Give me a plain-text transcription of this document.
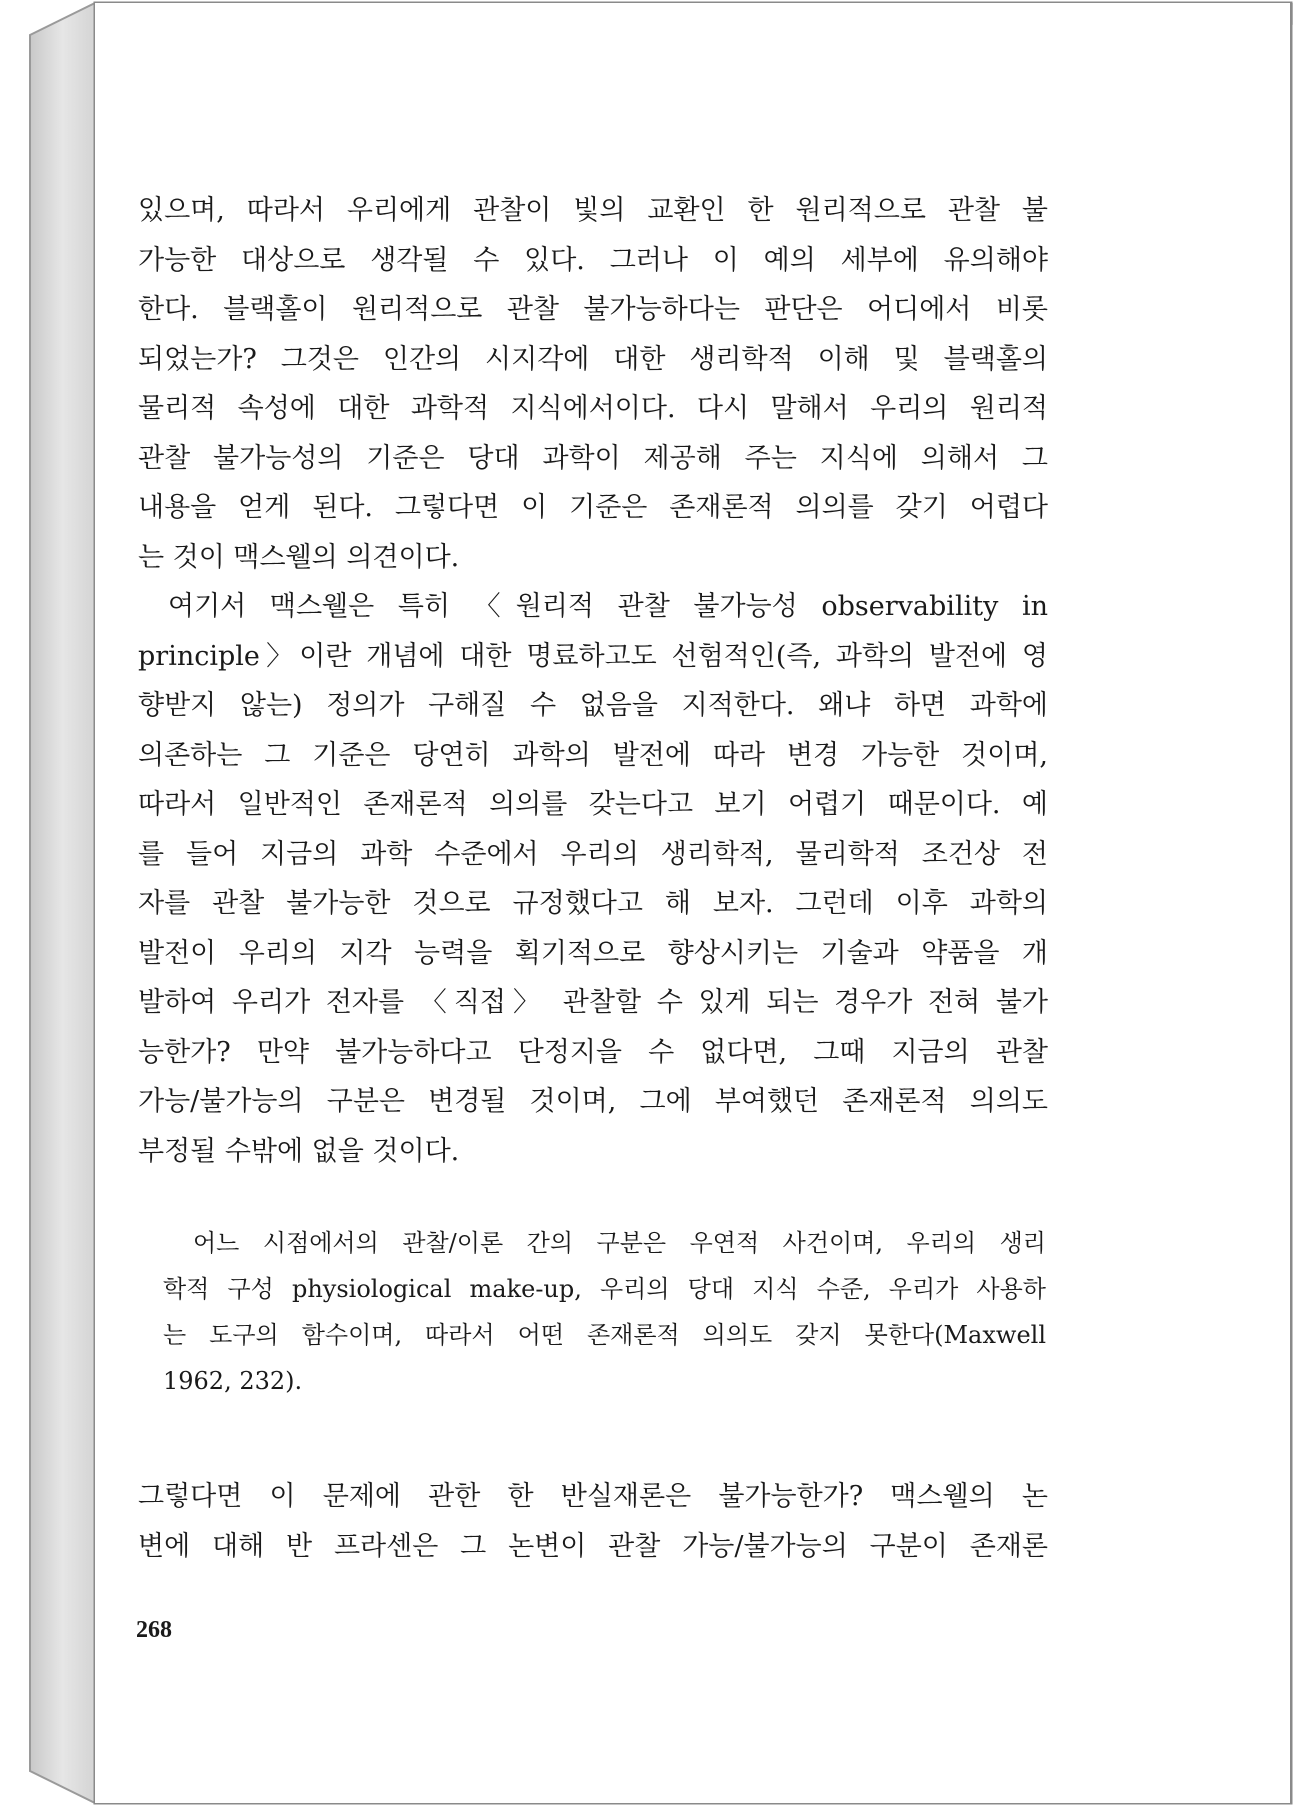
있으며, 따라서 우리에게 관찰이 빛의 교환인 한 원리적으로 관찰 불
가능한 대상으로 생각될 수 있다. 그러나 이 예의 세부에 유의해야
한다. 블랙홀이 원리적으로 관찰 불가능하다는 판단은 어디에서 비롯
되었는가? 그것은 인간의 시지각에 대한 생리학적 이해 및 블랙홀의
물리적 속성에 대한 과학적 지식에서이다. 다시 말해서 우리의 원리적
관찰 불가능성의 기준은 당대 과학이 제공해 주는 지식에 의해서 그
내용을 얻게 된다. 그렇다면 이 기준은 존재론적 의의를 갖기 어렵다
는 것이 맥스웰의 의견이다.
여기서 맥스웰은 특히 〈원리적 관찰 불가능성 observability in
principle〉이란 개념에 대한 명료하고도 선험적인(즉, 과학의 발전에 영
향받지 않는) 정의가 구해질 수 없음을 지적한다. 왜냐 하면 과학에
의존하는 그 기준은 당연히 과학의 발전에 따라 변경 가능한 것이며,
따라서 일반적인 존재론적 의의를 갖는다고 보기 어렵기 때문이다. 예
를 들어 지금의 과학 수준에서 우리의 생리학적, 물리학적 조건상 전
자를 관찰 불가능한 것으로 규정했다고 해 보자. 그런데 이후 과학의
발전이 우리의 지각 능력을 획기적으로 향상시키는 기술과 약품을 개
발하여 우리가 전자를 〈직접〉 관찰할 수 있게 되는 경우가 전혀 불가
능한가? 만약 불가능하다고 단정지을 수 없다면, 그때 지금의 관찰
가능/불가능의 구분은 변경될 것이며, 그에 부여했던 존재론적 의의도
부정될 수밖에 없을 것이다.
어느 시점에서의 관찰/이론 간의 구분은 우연적 사건이며, 우리의 생리
학적 구성 physiological make-up, 우리의 당대 지식 수준, 우리가 사용하
는 도구의 함수이며, 따라서 어떤 존재론적 의의도 갖지 못한다(Maxwell
1962, 232).
그렇다면 이 문제에 관한 한 반실재론은 불가능한가? 맥스웰의 논
변에 대해 반 프라센은 그 논변이 관찰 가능/불가능의 구분이 존재론
268
